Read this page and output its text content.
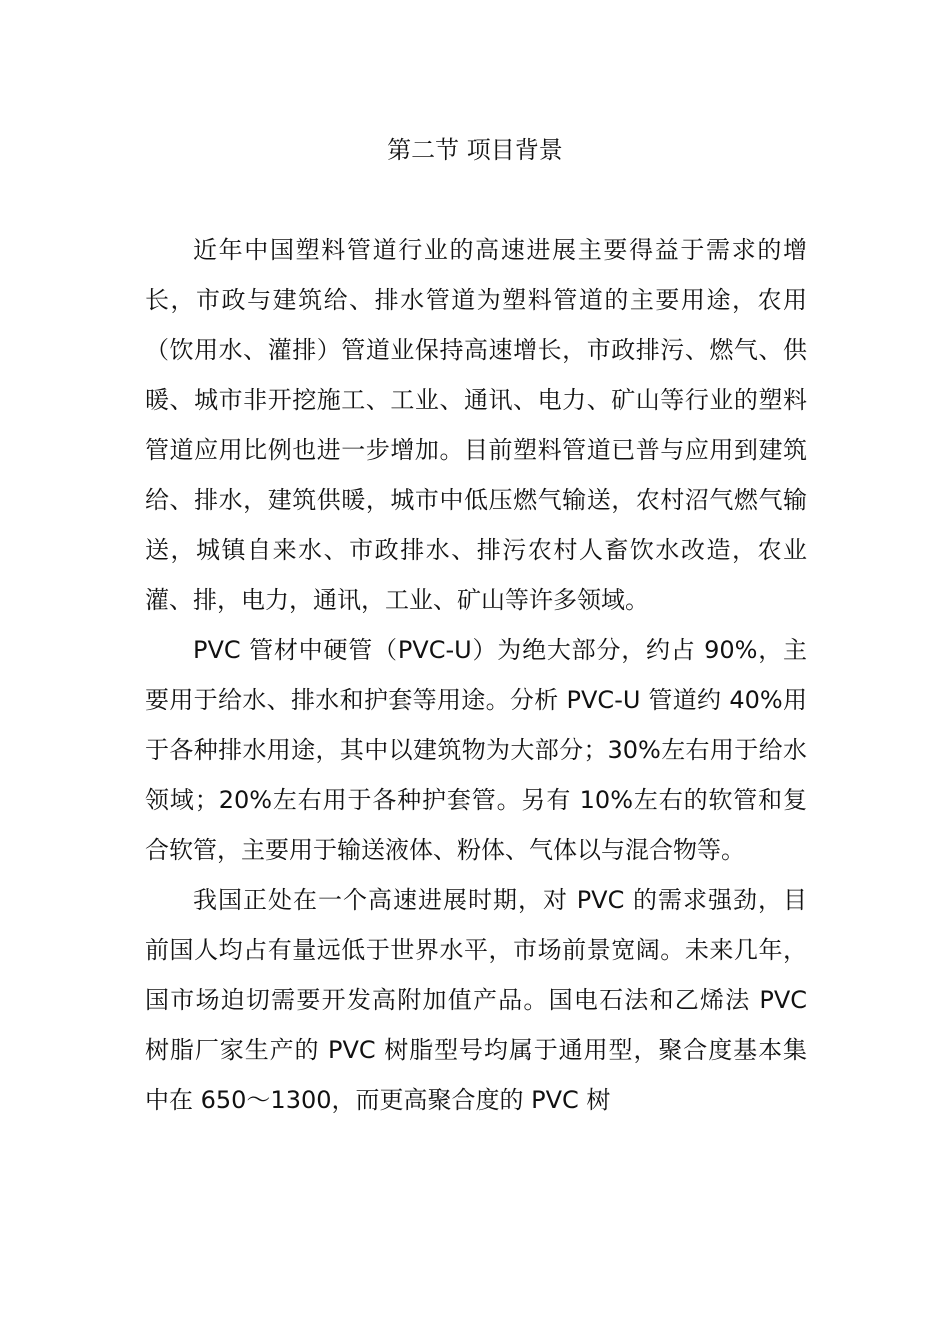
第二节 项目背景

近年中国塑料管道行业的高速进展主要得益于需求的增长，市政与建筑给、排水管道为塑料管道的主要用途，农用（饮用水、灌排）管道业保持高速增长，市政排污、燃气、供暖、城市非开挖施工、工业、通讯、电力、矿山等行业的塑料管道应用比例也进一步增加。目前塑料管道已普与应用到建筑给、排水，建筑供暖，城市中低压燃气输送，农村沼气燃气输送，城镇自来水、市政排水、排污农村人畜饮水改造，农业灌、排，电力，通讯，工业、矿山等许多领域。

PVC 管材中硬管（PVC-U）为绝大部分，约占 90%，主要用于给水、排水和护套等用途。分析 PVC-U 管道约 40%用于各种排水用途，其中以建筑物为大部分；30%左右用于给水领域；20%左右用于各种护套管。另有 10%左右的软管和复合软管，主要用于输送液体、粉体、气体以与混合物等。

我国正处在一个高速进展时期，对 PVC 的需求强劲，目前国人均占有量远低于世界水平，市场前景宽阔。未来几年，国市场迫切需要开发高附加值产品。国电石法和乙烯法 PVC 树脂厂家生产的 PVC 树脂型号均属于通用型，聚合度基本集中在 650～1300，而更高聚合度的 PVC 树
